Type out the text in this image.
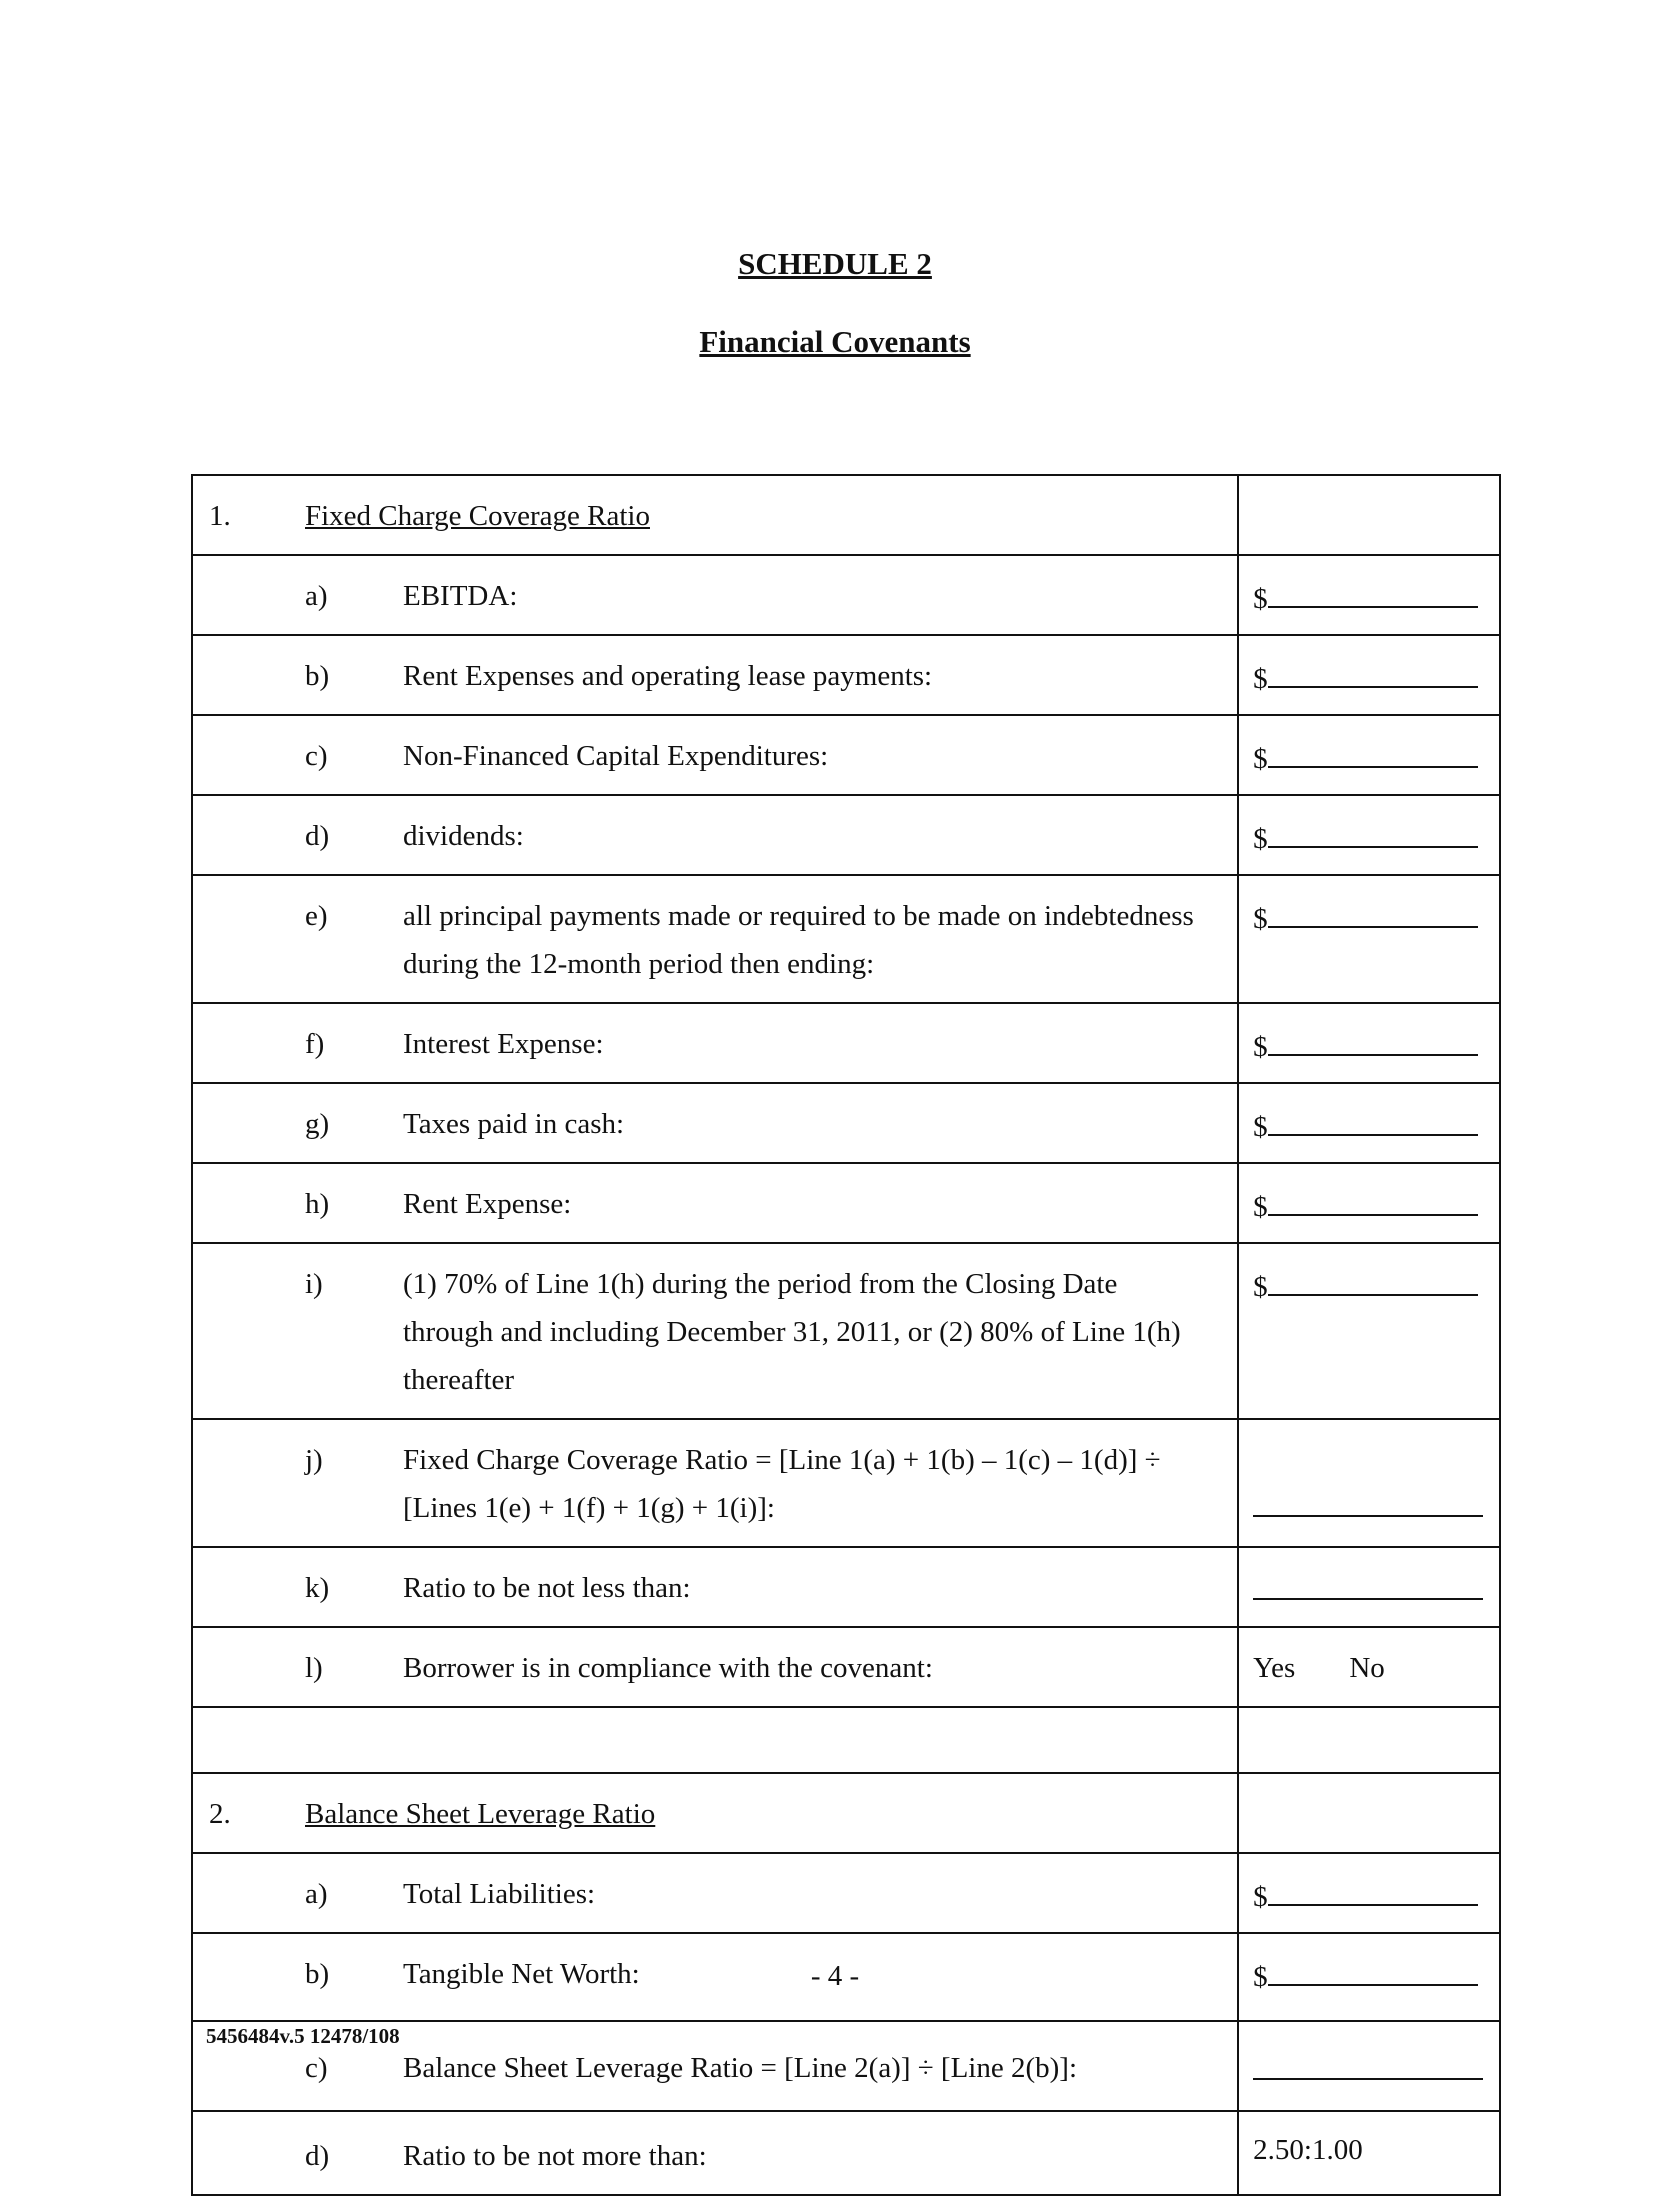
SCHEDULE 2
Financial Covenants
1. Fixed Charge Coverage Ratio	

a) EBITDA:	$

b) Rent Expenses and operating lease payments:	$

c) Non-Financed Capital Expenditures:	$

d) dividends:	$

e) all principal payments made or required to be made on indebtedness during the 12-month period then ending:	$

f) Interest Expense:	$

g) Taxes paid in cash:	$

h) Rent Expense:	$

i) (1) 70% of Line 1(h) during the period from the Closing Date through and including December 31, 2011, or (2) 80% of Line 1(h) thereafter	$

j) Fixed Charge Coverage Ratio = [Line 1(a) + 1(b) – 1(c) – 1(d)] ÷ [Lines 1(e) + 1(f) + 1(g) + 1(i)]:	

k) Ratio to be not less than:	

l) Borrower is in compliance with the covenant:	Yes No

2. Balance Sheet Leverage Ratio	

a) Total Liabilities:	$

b) Tangible Net Worth:	$

c) Balance Sheet Leverage Ratio = [Line 2(a)] ÷ [Line 2(b)]:	

d) Ratio to be not more than:	2.50:1.00
- 4 -
5456484v.5 12478/108
